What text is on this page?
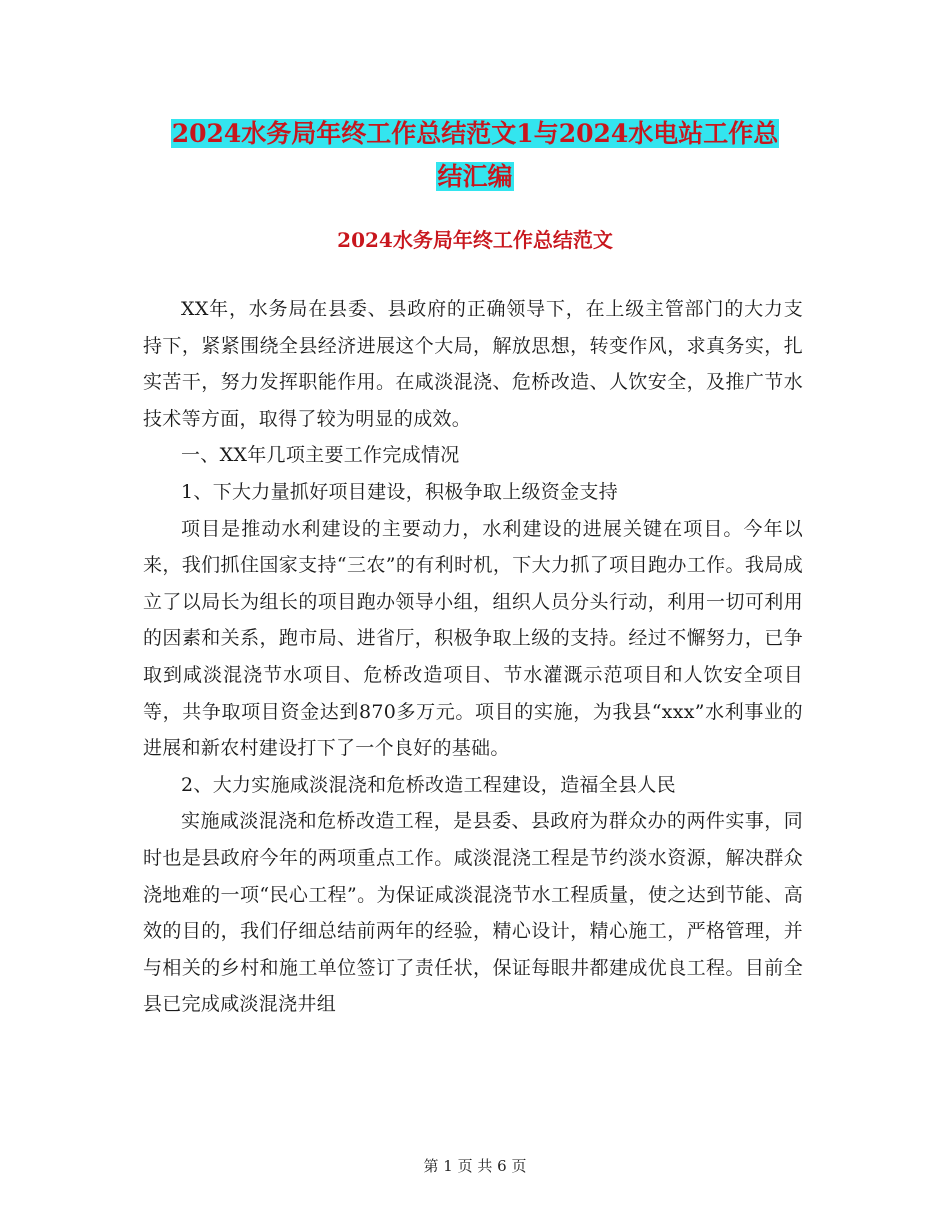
2024水务局年终工作总结范文1与2024水电站工作总
结汇编
2024水务局年终工作总结范文

XX年，水务局在县委、县政府的正确领导下，在上级主管部门的大力支持下，紧紧围绕全县经济进展这个大局，解放思想，转变作风，求真务实，扎实苦干，努力发挥职能作用。在咸淡混浇、危桥改造、人饮安全，及推广节水技术等方面，取得了较为明显的成效。

一、XX年几项主要工作完成情况

1、下大力量抓好项目建设，积极争取上级资金支持

项目是推动水利建设的主要动力，水利建设的进展关键在项目。今年以来，我们抓住国家支持“三农”的有利时机，下大力抓了项目跑办工作。我局成立了以局长为组长的项目跑办领导小组，组织人员分头行动，利用一切可利用的因素和关系，跑市局、进省厅，积极争取上级的支持。经过不懈努力，已争取到咸淡混浇节水项目、危桥改造项目、节水灌溉示范项目和人饮安全项目等，共争取项目资金达到870多万元。项目的实施，为我县“xxx”水利事业的进展和新农村建设打下了一个良好的基础。

2、大力实施咸淡混浇和危桥改造工程建设，造福全县人民

实施咸淡混浇和危桥改造工程，是县委、县政府为群众办的两件实事，同时也是县政府今年的两项重点工作。咸淡混浇工程是节约淡水资源，解决群众浇地难的一项“民心工程”。为保证咸淡混浇节水工程质量，使之达到节能、高效的目的，我们仔细总结前两年的经验，精心设计，精心施工，严格管理，并与相关的乡村和施工单位签订了责任状，保证每眼井都建成优良工程。目前全县已完成咸淡混浇井组

第 1 页 共 6 页
